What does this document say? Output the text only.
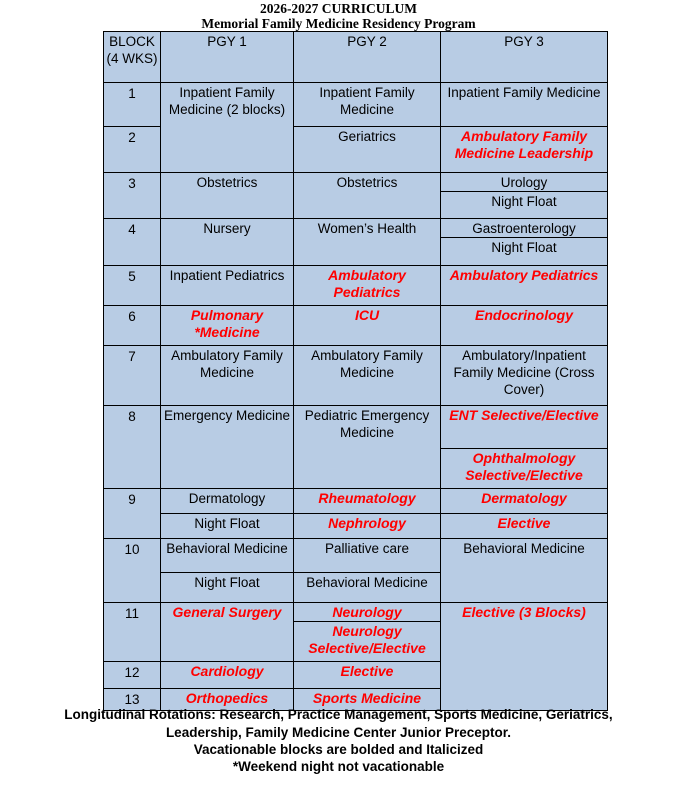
2026-2027 CURRICULUM
Memorial Family Medicine Residency Program
BLOCK (4 WKS)	PGY 1	PGY 2	PGY 3
1	Inpatient Family Medicine (2 blocks)	Inpatient Family Medicine	Inpatient Family Medicine
2		Geriatrics	Ambulatory Family Medicine Leadership
3	Obstetrics	Obstetrics	Urology
			Night Float
4	Nursery	Women’s Health	Gastroenterology
			Night Float
5	Inpatient Pediatrics	Ambulatory Pediatrics	Ambulatory Pediatrics
6	Pulmonary *Medicine	ICU	Endocrinology
7	Ambulatory Family Medicine	Ambulatory Family Medicine	Ambulatory/Inpatient Family Medicine (Cross Cover)
8	Emergency Medicine	Pediatric Emergency Medicine	ENT Selective/Elective
			Ophthalmology Selective/Elective
9	Dermatology	Rheumatology	Dermatology
	Night Float	Nephrology	Elective
10	Behavioral Medicine	Palliative care	Behavioral Medicine
	Night Float	Behavioral Medicine	
11	General Surgery	Neurology	Elective (3 Blocks)
		Neurology Selective/Elective	
12	Cardiology	Elective	
13	Orthopedics	Sports Medicine	
Longitudinal Rotations: Research, Practice Management, Sports Medicine, Geriatrics,
Leadership, Family Medicine Center Junior Preceptor.
Vacationable blocks are bolded and Italicized
*Weekend night not vacationable
